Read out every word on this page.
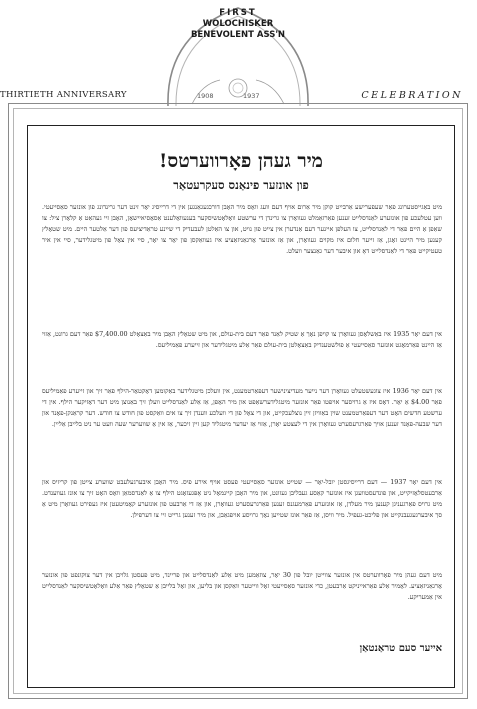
FIRST
WOLOCHISKER
BENEVOLENT ASS'N
1908	1937
THIRTIETH ANNIVERSARY	CELEBRATION
מיר געהן פאָרווערטס!
פון אונזער פינאַנס סעקרעטאַר

מיט באַגייסטערונג פאַר שעפערישע אַרבייט קוקן מיר אַרום אויף דעם וועג וואָס מיר האָבן דורכגעגאַנגען אין די דרייסיג יאָר זינט דער גרינדונג פון אונזער סאַסייעטי. ווען עטלעכע פון אונזערע לאַנדסלייט זענען פאַרזאַמלט געוואָרן צו גרינדן די ערשטע וואָלאָטשיסקער בענעוואָלענט אַסאָסיאיישאָן, האָבן זיי געהאַט אַ קלאָרן ציל: צו שאַפן אַ היים פאַר די לאַנדסלייט, צו העלפן איינער דעם אַנדערן אין צייט פון נויט, און צו האַלטן לעבעדיק די שיינע טראַדיציעס פון דער אַלטער היים. מיט שטאָלץ קענען מיר היינט זאָגן, אַז זייער חלום איז מקוים געוואָרן, און אַז אונזער אָרגאַניזאַציע איז געוואַקסן פון יאָר צו יאָר, סיי אין צאָל פון מיטגלידער, סיי אין איר טעטיקייט פאַר די לאַנדסלייט דאָ און איבער דער גאַנצער וועלט.

אין דעם יאָר 1935 איז באַשלאָסן געוואָרן צו קויפן נאָך אַ שטיק לאַנד פאַר דעם בית-עולם, און מיט שטאָלץ האָבן מיר באַצאָלט $7,400.00 פאַר דעם גרונט, אַזוי אַז היינט פאַרמאָגט אונזער סאַסייעטי אַ פולשטענדיק באַצאָלטן בית-עולם פאַר אַלע מיטגלידער און זייערע פאַמיליעס.

אין דעם יאָר 1936 איז צוגעשטעלט געוואָרן דער נייער מעדיצינישער דעפּאַרטמענט, אין וועלכן מיטגלידער באַקומען דאָקטאָר-הילף פאַר זיך און זייערע פאַמיליעס פאַר $4.00 אַ יאָר. דאָס איז אַ גרויסער אויפטו פאַר אונזער מיטגלידערשאַפט און מיר האָפן, אַז אַלע לאַנדסלייט וועלן זיך באַנוצן מיט דער דאָזיקער הילף. אין די ערשטע חדשים האָט דער דעפּאַרטמענט שוין באַוויזן זיין נוצלעכקייט, און די צאָל פון די וועלכע ווענדן זיך צו אים וואַקסט פון חודש צו חודש. דער קראַנקן-פאָנד און דער שבעה-פאָנד זענען אויך פאַרגרעסערט געוואָרן אין די לעצטע יאָרן, אַזוי אַז יעדער מיטגליד קען זיין זיכער, אַז אין אַ שווערער שעה וועט ער ניט בלייבן אַליין.

אין דעם יאָר 1937 — דעם דרייסיגסטן יובל-יאָר — שטייט אונזער סאַסייעטי פעסט אויף אירע פיס. מיר האָבן איבערגעלעבט שווערע צייטן פון קריזיס און אַרבעטסלאָזיקייט, און פונדעסטוועגן איז אונזער קאַסע געבליבן געזונט, און מיר האָבן קיינמאָל ניט אָפּגעזאָגט הילף צו אַ לאַנדסמאַן וואָס האָט זיך צו אונז געווענדט. מיט גרויס פאַרגעניגן קענען מיר מעלדן, אַז אונזערע פאַרמעגנס זענען פאַרגרעסערט געוואָרן, און אַז די אַרבעט פון אונזערע קאָמיטעטן איז געפירט געוואָרן מיט אַ סך איבערגעגעבנקייט און פליכט-געפיל. מיר וויסן, אַז פאַר אונז שטייען נאָך גרויסע אויפגאַבן, און מיר זענען גרייט זיי צו דערפילן.

מיט דעם געהן מיר פאָרווערטס אין אונזער צווייטן יובל פון 30 יאָר, צוזאַמען מיט אַלע לאַנדסלייט און פריינד, מיט פעסטן גלויבן אין דער צוקונפט פון אונזער אָרגאַניזאַציע. לאָמיר אַלע פאַראייניקט אַרבעטן, כדי אונזער סאַסייעטי זאָל ווייטער וואַקסן און בליען, און זאָל בלייבן אַ שטאָלץ פאַר אַלע וואָלאָטשיסקער לאַנדסלייט אין אַמעריקע.

אייער סעם טראַנטאַן
